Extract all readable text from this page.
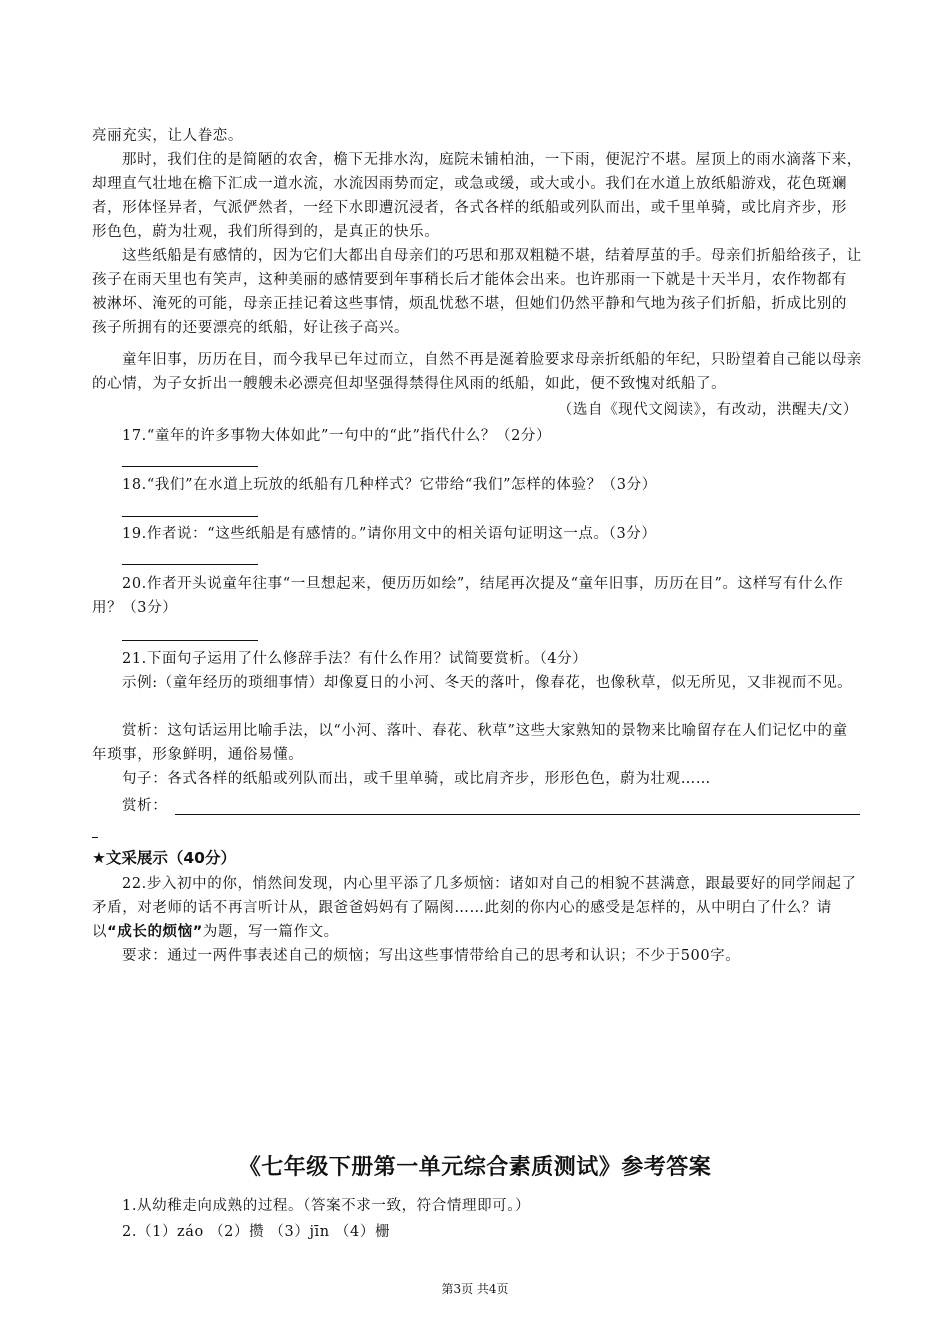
亮丽充实，让人眷恋。
那时，我们住的是简陋的农舍，檐下无排水沟，庭院未铺柏油，一下雨，便泥泞不堪。屋顶上的雨水滴落下来，却理直气壮地在檐下汇成一道水流，水流因雨势而定，或急或缓，或大或小。我们在水道上放纸船游戏，花色斑斓者，形体怪异者，气派俨然者，一经下水即遭沉浸者，各式各样的纸船或列队而出，或千里单骑，或比肩齐步，形形色色，蔚为壮观，我们所得到的，是真正的快乐。
这些纸船是有感情的，因为它们大都出自母亲们的巧思和那双粗糙不堪，结着厚茧的手。母亲们折船给孩子，让孩子在雨天里也有笑声，这种美丽的感情要到年事稍长后才能体会出来。也许那雨一下就是十天半月，农作物都有被淋坏、淹死的可能，母亲正挂记着这些事情，烦乱忧愁不堪，但她们仍然平静和气地为孩子们折船，折成比别的孩子所拥有的还要漂亮的纸船，好让孩子高兴。
童年旧事，历历在目，而今我早已年过而立，自然不再是涎着脸要求母亲折纸船的年纪，只盼望着自己能以母亲的心情，为子女折出一艘艘未必漂亮但却坚强得禁得住风雨的纸船，如此，便不致愧对纸船了。
（选自《现代文阅读》，有改动，洪醒夫/文）
17.“童年的许多事物大体如此”一句中的“此”指代什么？（2分）
18.“我们”在水道上玩放的纸船有几种样式？它带给“我们”怎样的体验？（3分）
19.作者说：“这些纸船是有感情的。”请你用文中的相关语句证明这一点。（3分）
20.作者开头说童年往事“一旦想起来，便历历如绘”，结尾再次提及“童年旧事，历历在目”。这样写有什么作用？（3分）
21.下面句子运用了什么修辞手法？有什么作用？试简要赏析。（4分）
示例:（童年经历的琐细事情）却像夏日的小河、冬天的落叶，像春花，也像秋草，似无所见，又非视而不见。
赏析：这句话运用比喻手法，以“小河、落叶、春花、秋草”这些大家熟知的景物来比喻留存在人们记忆中的童年琐事，形象鲜明，通俗易懂。
句子：各式各样的纸船或列队而出，或千里单骑，或比肩齐步，形形色色，蔚为壮观……
赏析：
★文采展示（40分）
22.步入初中的你，悄然间发现，内心里平添了几多烦恼：诸如对自己的相貌不甚满意，跟最要好的同学闹起了矛盾，对老师的话不再言听计从，跟爸爸妈妈有了隔阂……此刻的你内心的感受是怎样的，从中明白了什么？请以“成长的烦恼”为题，写一篇作文。
要求：通过一两件事表述自己的烦恼；写出这些事情带给自己的思考和认识；不少于500字。
《七年级下册第一单元综合素质测试》参考答案
1.从幼稚走向成熟的过程。（答案不求一致，符合情理即可。）
2.（1）záo （2）攒 （3）jīn （4）栅
第3页 共4页
